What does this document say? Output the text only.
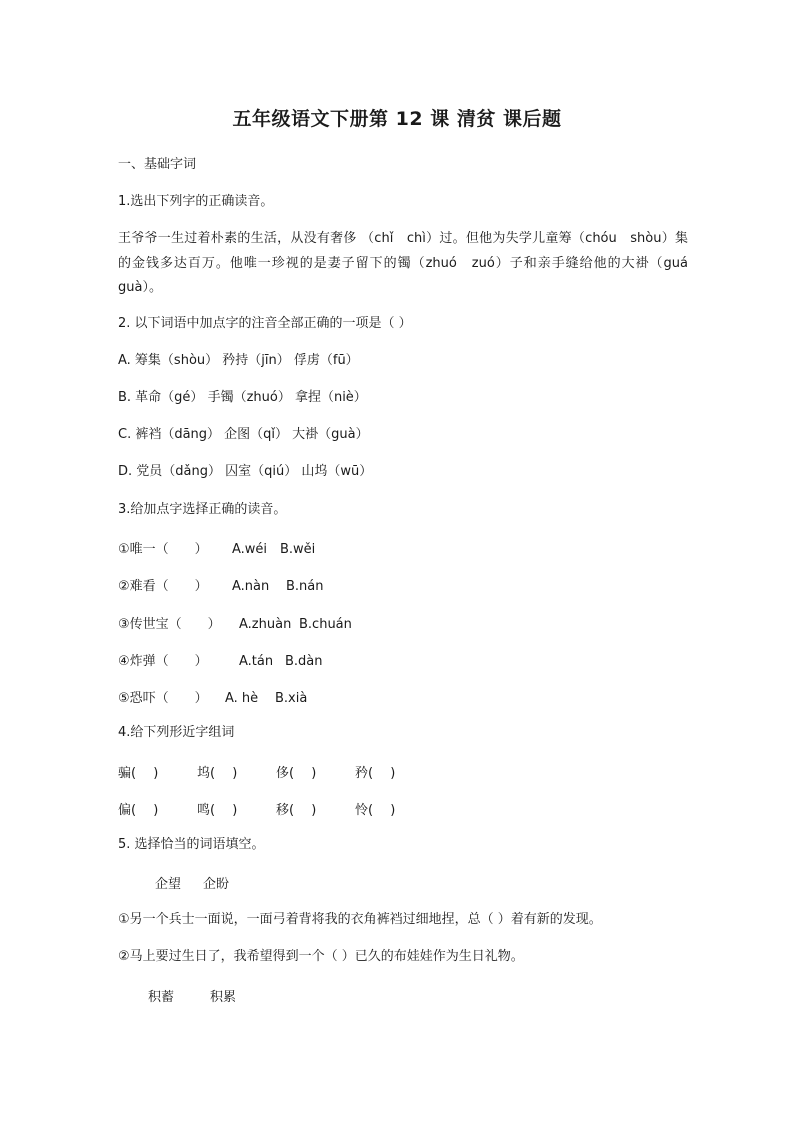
五年级语文下册第 12 课 清贫 课后题
一、基础字词
1.选出下列字的正确读音。
王爷爷一生过着朴素的生活，从没有奢侈 （chǐ　chì）过。但他为失学儿童筹（chóu　shòu）集的金钱多达百万。他唯一珍视的是妻子留下的镯（zhuó　zuó）子和亲手缝给他的大褂（guá guà）。
2. 以下词语中加点字的注音全部正确的一项是（ ）
A. 筹集（shòu） 矜持（jīn） 俘虏（fū）
B. 革命（gé） 手镯（zhuó） 拿捏（niè）
C. 裤裆（dāng） 企图（qǐ） 大褂（guà）
D. 党员（dǎng） 囚室（qiú） 山坞（wū）
3.给加点字选择正确的读音。
①唯一（　　） A.wéi B.wěi
②难看（　　） A.nàn B.nán
③传世宝（　　） A.zhuàn B.chuán
④炸弹（　　） A.tán B.dàn
⑤恐吓（　　） A. hè B.xià
4.给下列形近字组词
骗(　 )	坞(　 )	侈(　 )	矜(　 )
偏(　 )	鸣(　 )	移(　 )	怜(　 )
5. 选择恰当的词语填空。
企望 企盼
①另一个兵士一面说，一面弓着背将我的衣角裤裆过细地捏，总（ ）着有新的发现。
②马上要过生日了，我希望得到一个（ ）已久的布娃娃作为生日礼物。
积蓄	积累
